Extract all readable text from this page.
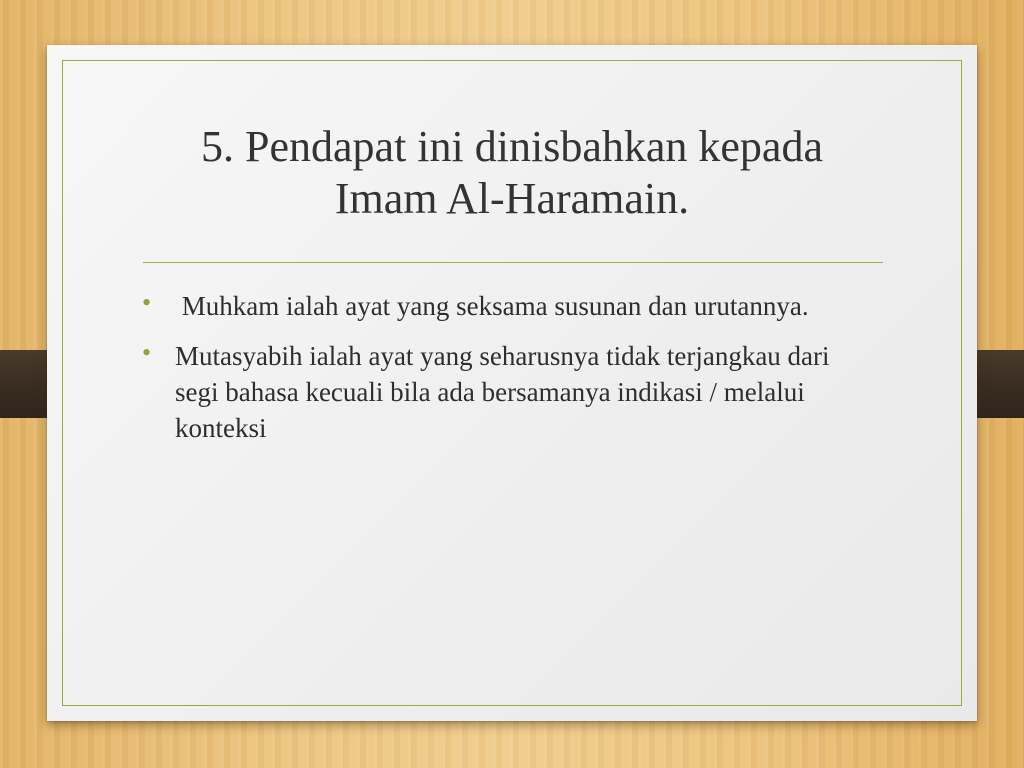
5. Pendapat ini dinisbahkan kepada
Imam Al-Haramain.
• Muhkam ialah ayat yang seksama susunan dan urutannya.
• Mutasyabih ialah ayat yang seharusnya tidak terjangkau dari segi bahasa kecuali bila ada bersamanya indikasi / melalui konteksi
